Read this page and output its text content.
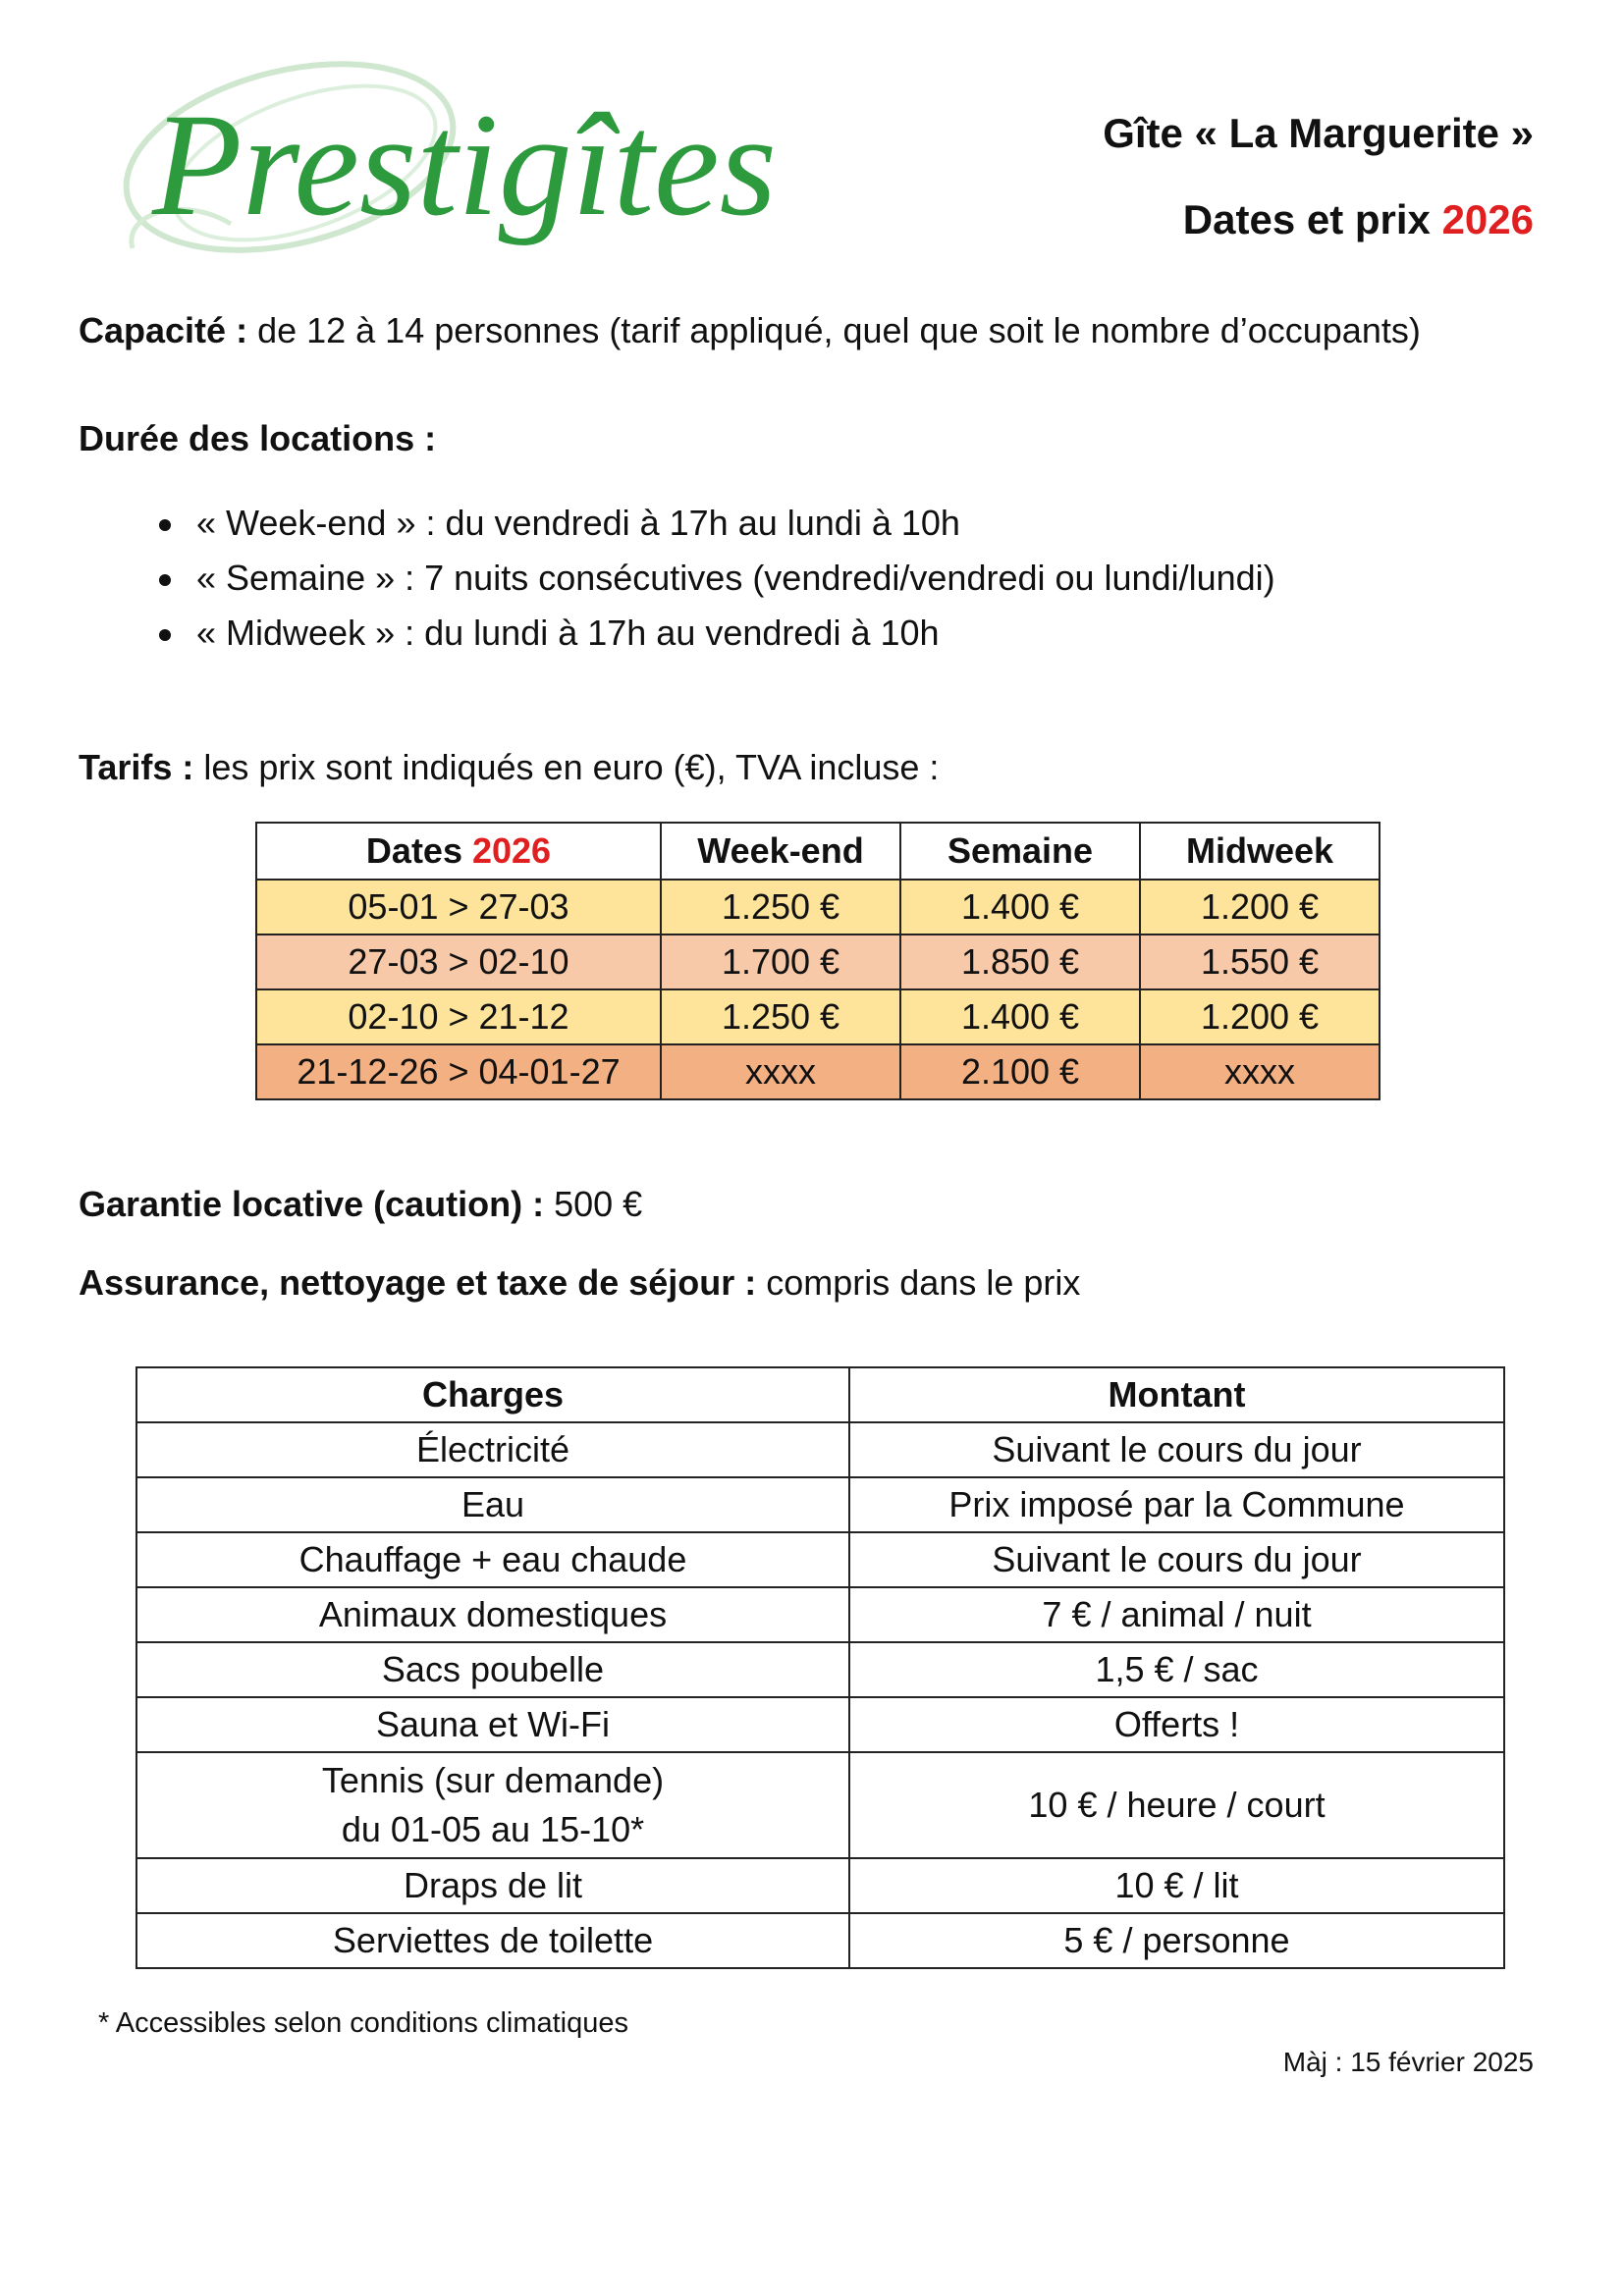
Prestigîtes	Gîte « La Marguerite »
Dates et prix 2026
Capacité : de 12 à 14 personnes (tarif appliqué, quel que soit le nombre d’occupants)
Durée des locations :
« Week-end » : du vendredi à 17h au lundi à 10h
« Semaine » : 7 nuits consécutives (vendredi/vendredi ou lundi/lundi)
« Midweek » : du lundi à 17h au vendredi à 10h
Tarifs : les prix sont indiqués en euro (€), TVA incluse :
Dates 2026	Week-end	Semaine	Midweek
05-01 > 27-03	1.250 €	1.400 €	1.200 €
27-03 > 02-10	1.700 €	1.850 €	1.550 €
02-10 > 21-12	1.250 €	1.400 €	1.200 €
21-12-26 > 04-01-27	xxxx	2.100 €	xxxx
Garantie locative (caution) : 500 €
Assurance, nettoyage et taxe de séjour : compris dans le prix
Charges	Montant
Électricité	Suivant le cours du jour
Eau	Prix imposé par la Commune
Chauffage + eau chaude	Suivant le cours du jour
Animaux domestiques	7 € / animal / nuit
Sacs poubelle	1,5 € / sac
Sauna et Wi-Fi	Offerts !

Tennis (sur demande)
du 01-05 au 15-10*	10 € / heure / court
Draps de lit	10 € / lit
Serviettes de toilette	5 € / personne
* Accessibles selon conditions climatiques
Màj : 15 février 2025
